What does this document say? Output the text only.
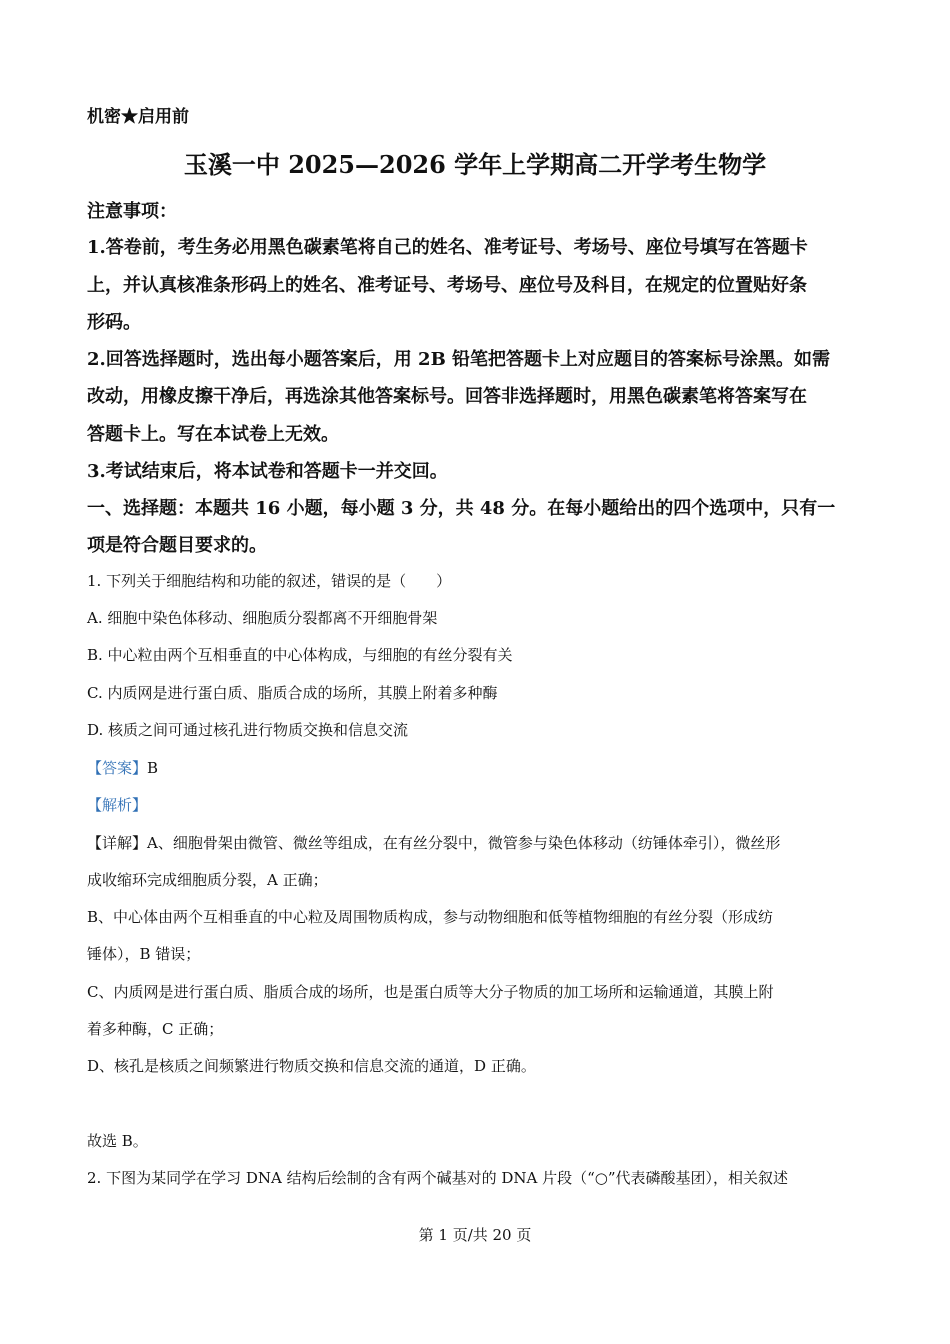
机密★启用前
玉溪一中 2025—2026 学年上学期高二开学考生物学
注意事项：
1.答卷前，考生务必用黑色碳素笔将自己的姓名、准考证号、考场号、座位号填写在答题卡
上，并认真核准条形码上的姓名、准考证号、考场号、座位号及科目，在规定的位置贴好条
形码。
2.回答选择题时，选出每小题答案后，用 2B 铅笔把答题卡上对应题目的答案标号涂黑。如需
改动，用橡皮擦干净后，再选涂其他答案标号。回答非选择题时，用黑色碳素笔将答案写在
答题卡上。写在本试卷上无效。
3.考试结束后，将本试卷和答题卡一并交回。
一、选择题：本题共 16 小题，每小题 3 分，共 48 分。在每小题给出的四个选项中，只有一
项是符合题目要求的。
1. 下列关于细胞结构和功能的叙述，错误的是（　　）
A. 细胞中染色体移动、细胞质分裂都离不开细胞骨架
B. 中心粒由两个互相垂直的中心体构成，与细胞的有丝分裂有关
C. 内质网是进行蛋白质、脂质合成的场所，其膜上附着多种酶
D. 核质之间可通过核孔进行物质交换和信息交流
【答案】B
【解析】
【详解】A、细胞骨架由微管、微丝等组成，在有丝分裂中，微管参与染色体移动（纺锤体牵引），微丝形
成收缩环完成细胞质分裂，A 正确；
B、中心体由两个互相垂直的中心粒及周围物质构成，参与动物细胞和低等植物细胞的有丝分裂（形成纺
锤体），B 错误；
C、内质网是进行蛋白质、脂质合成的场所，也是蛋白质等大分子物质的加工场所和运输通道，其膜上附
着多种酶，C 正确；
D、核孔是核质之间频繁进行物质交换和信息交流的通道，D 正确。
故选 B。
2. 下图为某同学在学习 DNA 结构后绘制的含有两个碱基对的 DNA 片段（“○”代表磷酸基团），相关叙述
第 1 页/共 20 页
